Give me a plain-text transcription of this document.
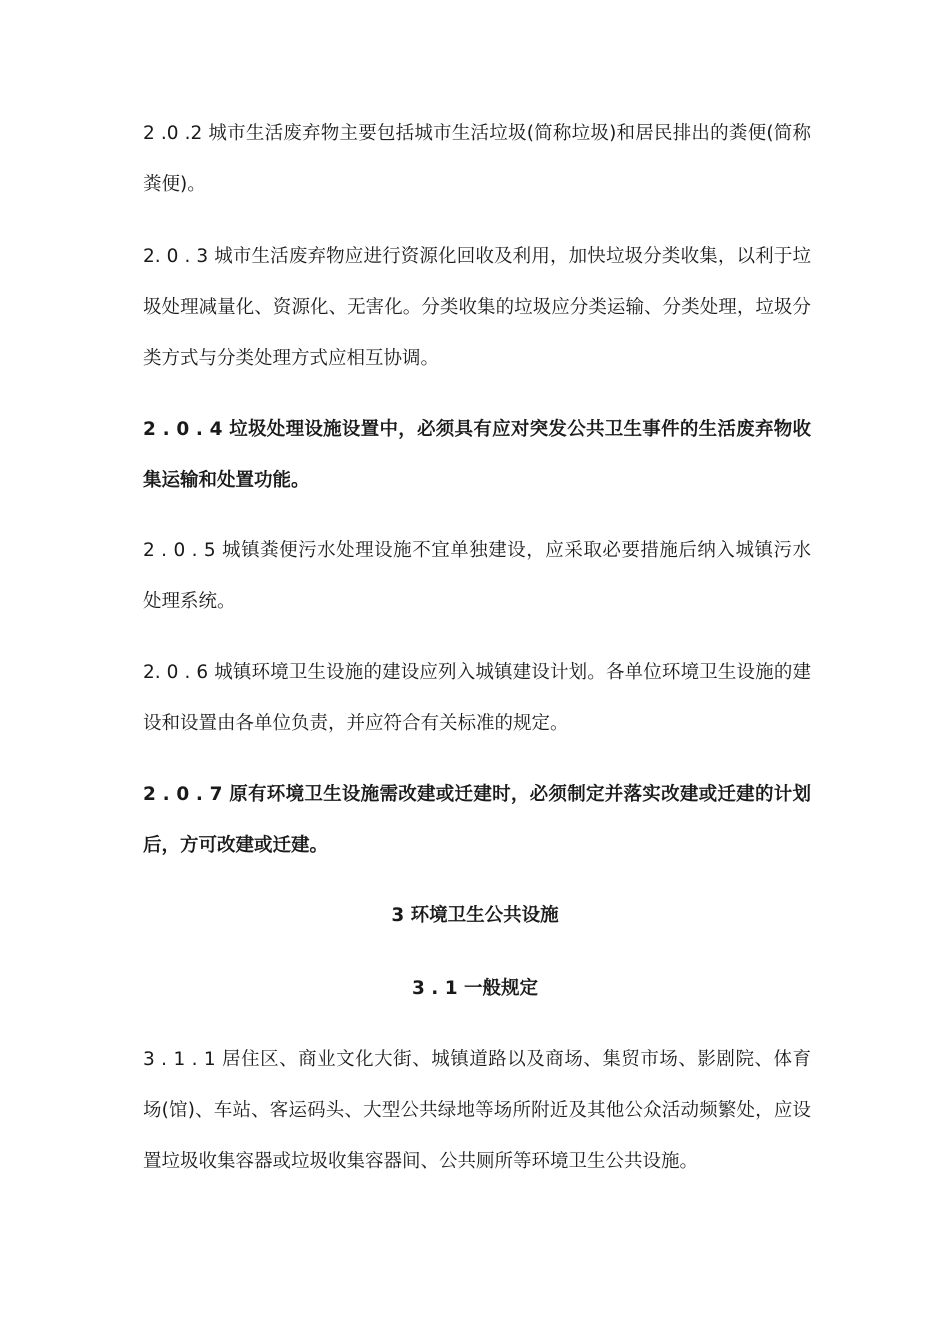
2 .0 .2 城市生活废弃物主要包括城市生活垃圾(简称垃圾)和居民排出的粪便(简称粪便)。

2. 0 . 3 城市生活废弃物应进行资源化回收及利用，加快垃圾分类收集，以利于垃圾处理减量化、资源化、无害化。分类收集的垃圾应分类运输、分类处理，垃圾分类方式与分类处理方式应相互协调。

2 . 0 . 4 垃圾处理设施设置中，必须具有应对突发公共卫生事件的生活废弃物收集运输和处置功能。

2 . 0 . 5 城镇粪便污水处理设施不宜单独建设，应采取必要措施后纳入城镇污水处理系统。

2. 0 . 6 城镇环境卫生设施的建设应列入城镇建设计划。各单位环境卫生设施的建设和设置由各单位负责，并应符合有关标准的规定。

2 . 0 . 7 原有环境卫生设施需改建或迁建时，必须制定并落实改建或迁建的计划后，方可改建或迁建。

3 环境卫生公共设施
3 . 1 一般规定

3 . 1 . 1 居住区、商业文化大街、城镇道路以及商场、集贸市场、影剧院、体育场(馆)、车站、客运码头、大型公共绿地等场所附近及其他公众活动频繁处，应设置垃圾收集容器或垃圾收集容器间、公共厕所等环境卫生公共设施。
